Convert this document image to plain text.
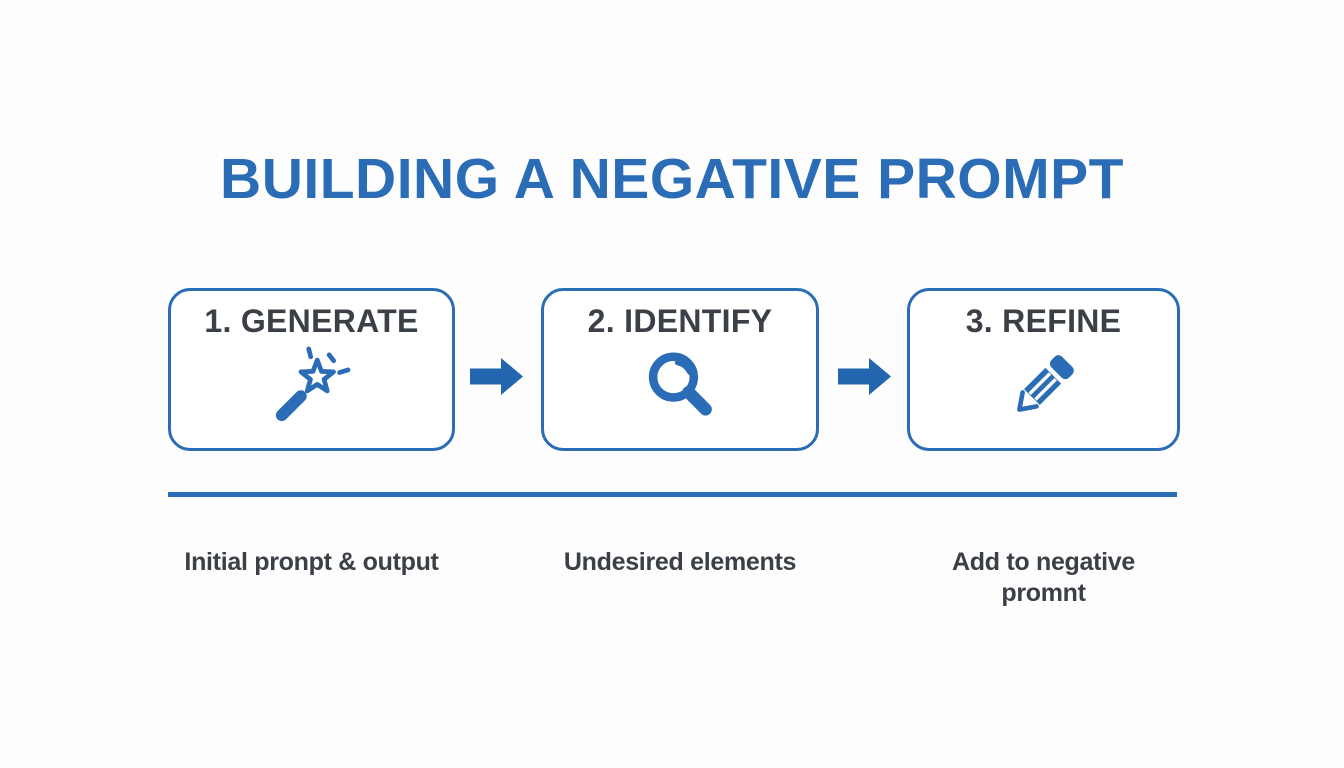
BUILDING A NEGATIVE PROMPT
1. GENERATE	2. IDENTIFY	3. REFINE
Initial pronpt & output	Undesired elements	Add to negative promnt
